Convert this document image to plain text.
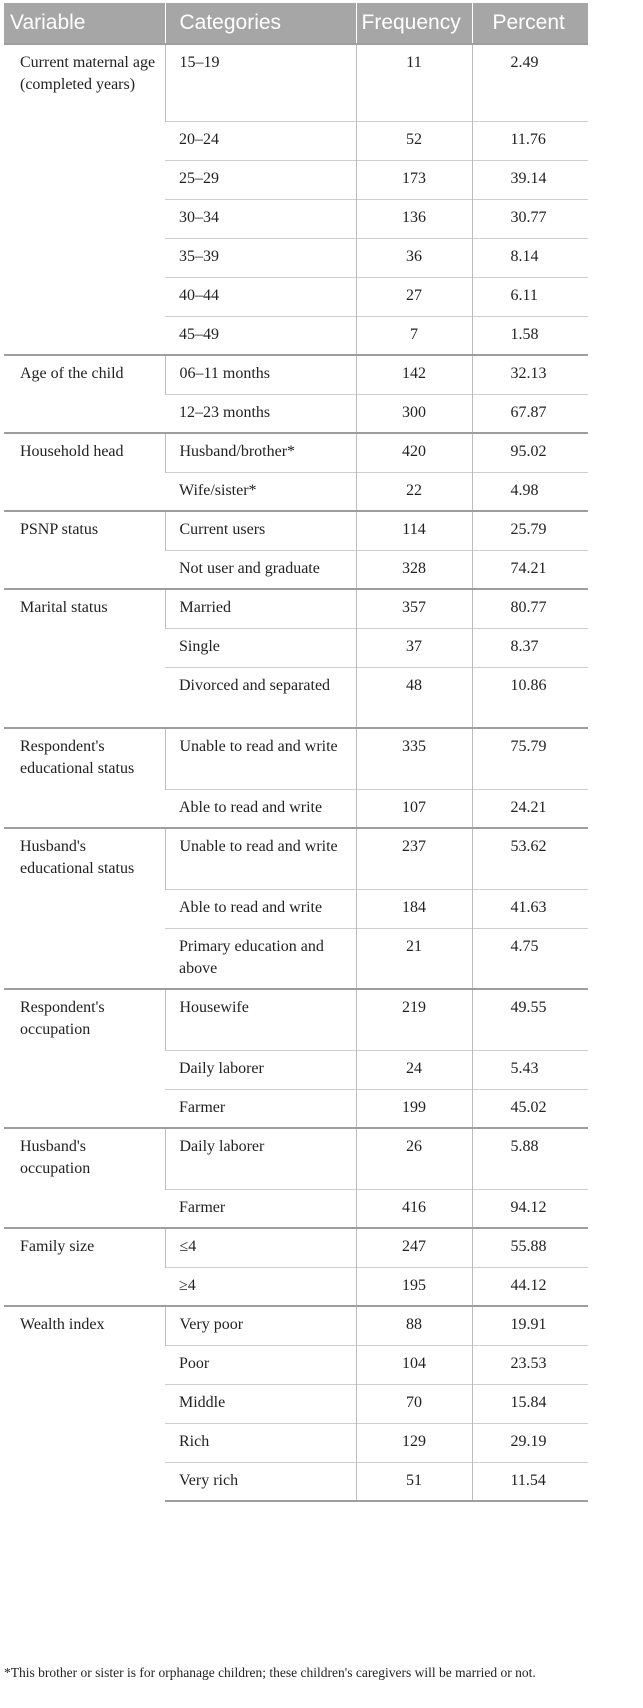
Variable	Categories	Frequency	Percent
Current maternal age (completed years)	15–19	11	2.49
	20–24	52	11.76
	25–29	173	39.14
	30–34	136	30.77
	35–39	36	8.14
	40–44	27	6.11
	45–49	7	1.58
Age of the child	06–11 months	142	32.13
	12–23 months	300	67.87
Household head	Husband/brother*	420	95.02
	Wife/sister*	22	4.98
PSNP status	Current users	114	25.79
	Not user and graduate	328	74.21
Marital status	Married	357	80.77
	Single	37	8.37
	Divorced and separated	48	10.86
Respondent's educational status	Unable to read and write	335	75.79
	Able to read and write	107	24.21
Husband's educational status	Unable to read and write	237	53.62
	Able to read and write	184	41.63
	Primary education and above	21	4.75
Respondent's occupation	Housewife	219	49.55
	Daily laborer	24	5.43
	Farmer	199	45.02
Husband's occupation	Daily laborer	26	5.88
	Farmer	416	94.12
Family size	≤4	247	55.88
	≥4	195	44.12
Wealth index	Very poor	88	19.91
	Poor	104	23.53
	Middle	70	15.84
	Rich	129	29.19
	Very rich	51	11.54
*This brother or sister is for orphanage children; these children's caregivers will be married or not.
